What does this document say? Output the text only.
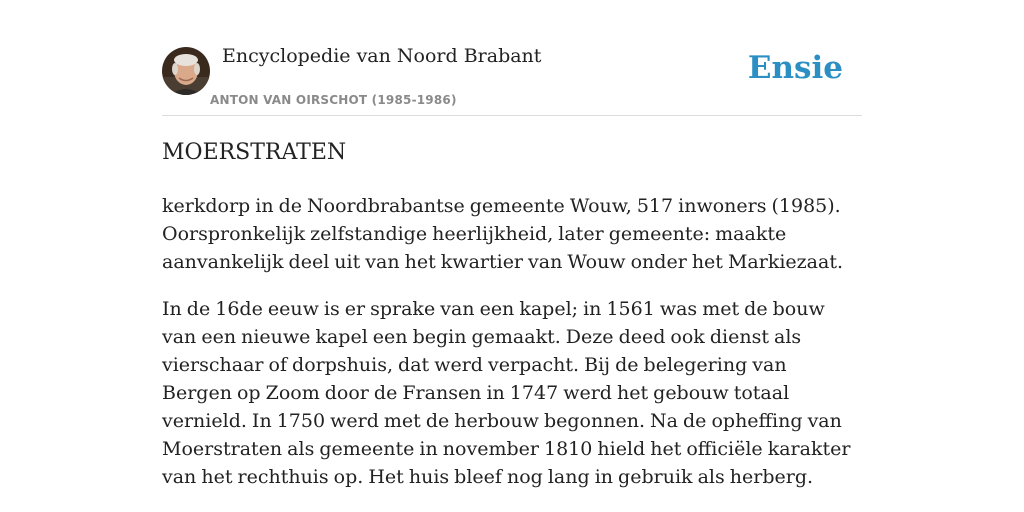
Encyclopedie van Noord Brabant
ANTON VAN OIRSCHOT (1985-1986)
Ensie
MOERSTRATEN

kerkdorp in de Noordbrabantse gemeente Wouw, 517 inwoners (1985). Oorspronkelijk zelfstandige heerlijkheid, later gemeente: maakte aanvankelijk deel uit van het kwartier van Wouw onder het Markiezaat.

In de 16de eeuw is er sprake van een kapel; in 1561 was met de bouw van een nieuwe kapel een begin gemaakt. Deze deed ook dienst als vierschaar of dorpshuis, dat werd verpacht. Bij de belegering van Bergen op Zoom door de Fransen in 1747 werd het gebouw totaal vernield. In 1750 werd met de herbouw begonnen. Na de opheffing van Moerstraten als gemeente in november 1810 hield het officiële karakter van het rechthuis op. Het huis bleef nog lang in gebruik als herberg.
